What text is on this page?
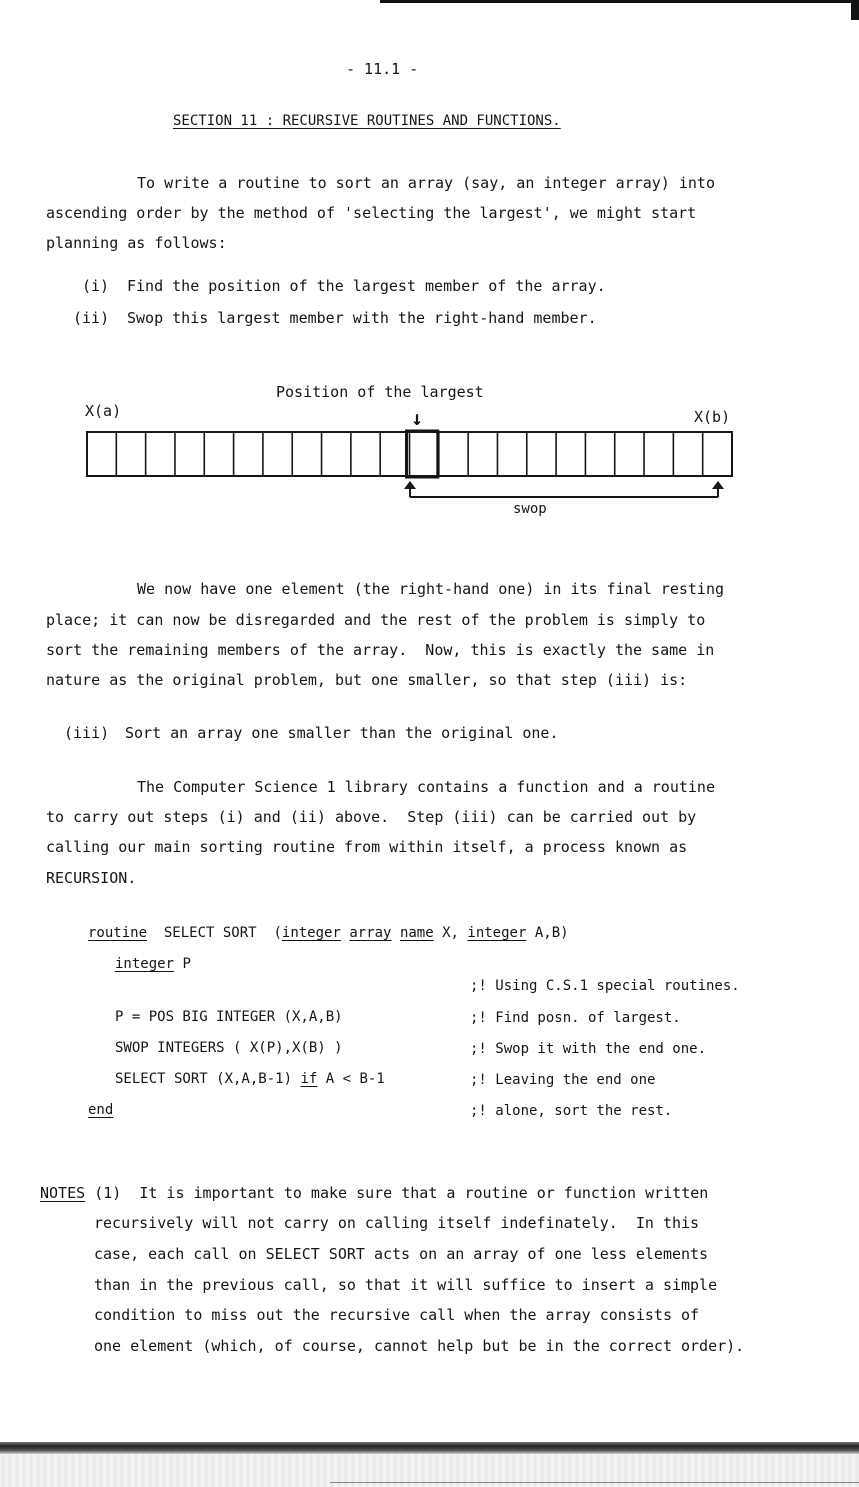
- 11.1 -
SECTION 11 : RECURSIVE ROUTINES AND FUNCTIONS.
To write a routine to sort an array (say, an integer array) into
ascending order by the method of 'selecting the largest', we might start
planning as follows:
(i) Find the position of the largest member of the array.
(ii) Swop this largest member with the right-hand member.
Position of the largest
↓
X(a)	X(b)
swop
We now have one element (the right-hand one) in its final resting
place; it can now be disregarded and the rest of the problem is simply to
sort the remaining members of the array.  Now, this is exactly the same in
nature as the original problem, but one smaller, so that step (iii) is:
(iii) Sort an array one smaller than the original one.
The Computer Science 1 library contains a function and a routine
to carry out steps (i) and (ii) above.  Step (iii) can be carried out by
calling our main sorting routine from within itself, a process known as
RECURSION.
routine SELECT SORT (integer array name X, integer A,B)
integer P
P = POS BIG INTEGER (X,A,B)
SWOP INTEGERS ( X(P),X(B) )
SELECT SORT (X,A,B-1) if A < B-1
end
;! Using C.S.1 special routines.
;! Find posn. of largest.
;! Swop it with the end one.
;! Leaving the end one
;! alone, sort the rest.
NOTES (1) It is important to make sure that a routine or function written
recursively will not carry on calling itself indefinately.  In this
case, each call on SELECT SORT acts on an array of one less elements
than in the previous call, so that it will suffice to insert a simple
condition to miss out the recursive call when the array consists of
one element (which, of course, cannot help but be in the correct order).
